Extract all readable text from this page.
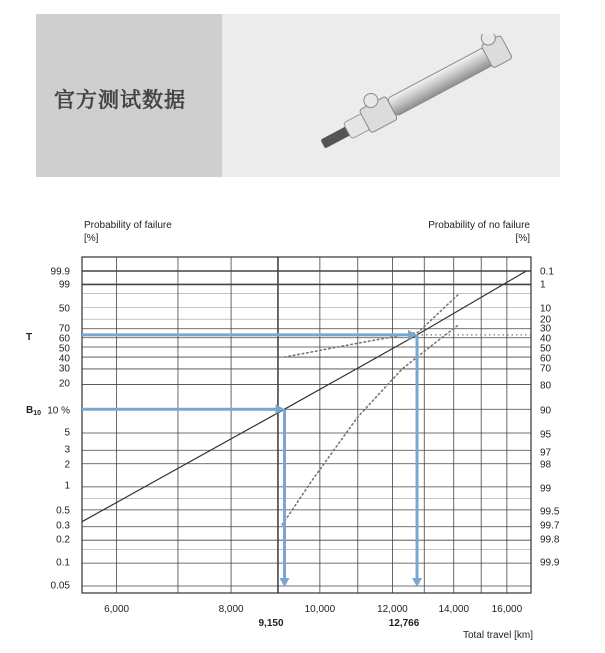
官方测试数据
Probability of failure
[%]
Probability of no failure
[%]
99.9
99
50
70
60
50
40
30
20
10 %
5
3
2
1
0.5
0.3
0.2
0.1
0.05
0.1
1
10
20
30
40
50
60
70
80
90
95
97
98
99
99.5
99.7
99.8
99.9
6,000	8,000	10,000	12,000	14,000 16,000
T
$B_{10}$
9,150	12,766
Total travel [km]
